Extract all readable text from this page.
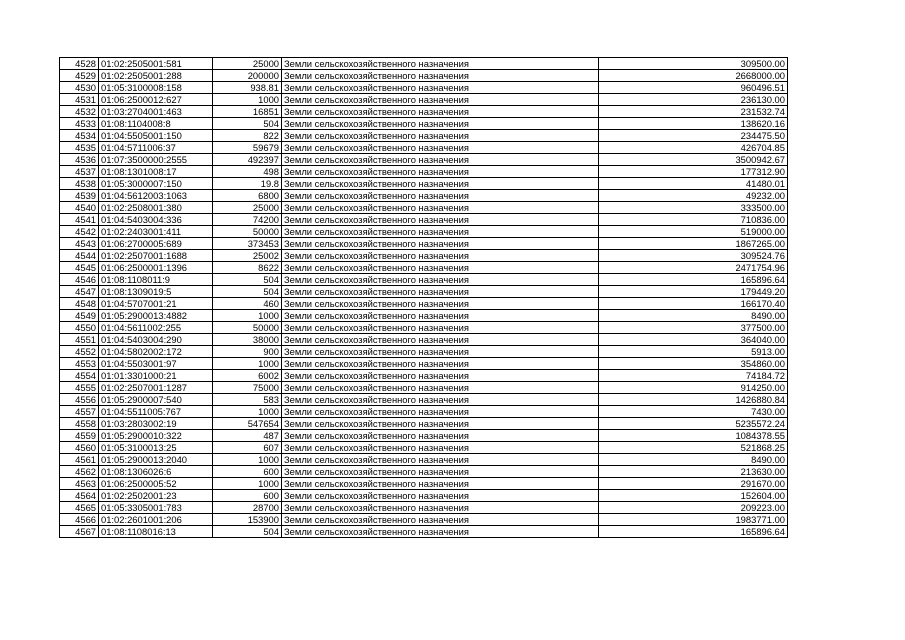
4528	01:02:2505001:581	25000	Земли сельскохозяйственного назначения	309500.00
4529	01:02:2505001:288	200000	Земли сельскохозяйственного назначения	2668000.00
4530	01:05:3100008:158	938.81	Земли сельскохозяйственного назначения	960496.51
4531	01:06:2500012:627	1000	Земли сельскохозяйственного назначения	236130.00
4532	01:03:2704001:463	16851	Земли сельскохозяйственного назначения	231532.74
4533	01:08:1104008:8	504	Земли сельскохозяйственного назначения	138620.16
4534	01:04:5505001:150	822	Земли сельскохозяйственного назначения	234475.50
4535	01:04:5711006:37	59679	Земли сельскохозяйственного назначения	426704.85
4536	01:07:3500000:2555	492397	Земли сельскохозяйственного назначения	3500942.67
4537	01:08:1301008:17	498	Земли сельскохозяйственного назначения	177312.90
4538	01:05:3000007:150	19.8	Земли сельскохозяйственного назначения	41480.01
4539	01:04:5612003:1063	6800	Земли сельскохозяйственного назначения	49232.00
4540	01:02:2508001:380	25000	Земли сельскохозяйственного назначения	333500.00
4541	01:04:5403004:336	74200	Земли сельскохозяйственного назначения	710836.00
4542	01:02:2403001:411	50000	Земли сельскохозяйственного назначения	519000.00
4543	01:06:2700005:689	373453	Земли сельскохозяйственного назначения	1867265.00
4544	01:02:2507001:1688	25002	Земли сельскохозяйственного назначения	309524.76
4545	01:06:2500001:1396	8622	Земли сельскохозяйственного назначения	2471754.96
4546	01:08:1108011:9	504	Земли сельскохозяйственного назначения	165896.64
4547	01:08:1309019:5	504	Земли сельскохозяйственного назначения	179449.20
4548	01:04:5707001:21	460	Земли сельскохозяйственного назначения	166170.40
4549	01:05:2900013:4882	1000	Земли сельскохозяйственного назначения	8490.00
4550	01:04:5611002:255	50000	Земли сельскохозяйственного назначения	377500.00
4551	01:04:5403004:290	38000	Земли сельскохозяйственного назначения	364040.00
4552	01:04:5802002:172	900	Земли сельскохозяйственного назначения	5913.00
4553	01:04:5503001:97	1000	Земли сельскохозяйственного назначения	354860.00
4554	01:01:3301000:21	6002	Земли сельскохозяйственного назначения	74184.72
4555	01:02:2507001:1287	75000	Земли сельскохозяйственного назначения	914250.00
4556	01:05:2900007:540	583	Земли сельскохозяйственного назначения	1426880.84
4557	01:04:5511005:767	1000	Земли сельскохозяйственного назначения	7430.00
4558	01:03:2803002:19	547654	Земли сельскохозяйственного назначения	5235572.24
4559	01:05:2900010:322	487	Земли сельскохозяйственного назначения	1084378.55
4560	01:05:3100013:25	607	Земли сельскохозяйственного назначения	521868.25
4561	01:05:2900013:2040	1000	Земли сельскохозяйственного назначения	8490.00
4562	01:08:1306026:6	600	Земли сельскохозяйственного назначения	213630.00
4563	01:06:2500005:52	1000	Земли сельскохозяйственного назначения	291670.00
4564	01:02:2502001:23	600	Земли сельскохозяйственного назначения	152604.00
4565	01:05:3305001:783	28700	Земли сельскохозяйственного назначения	209223.00
4566	01:02:2601001:206	153900	Земли сельскохозяйственного назначения	1983771.00
4567	01:08:1108016:13	504	Земли сельскохозяйственного назначения	165896.64
